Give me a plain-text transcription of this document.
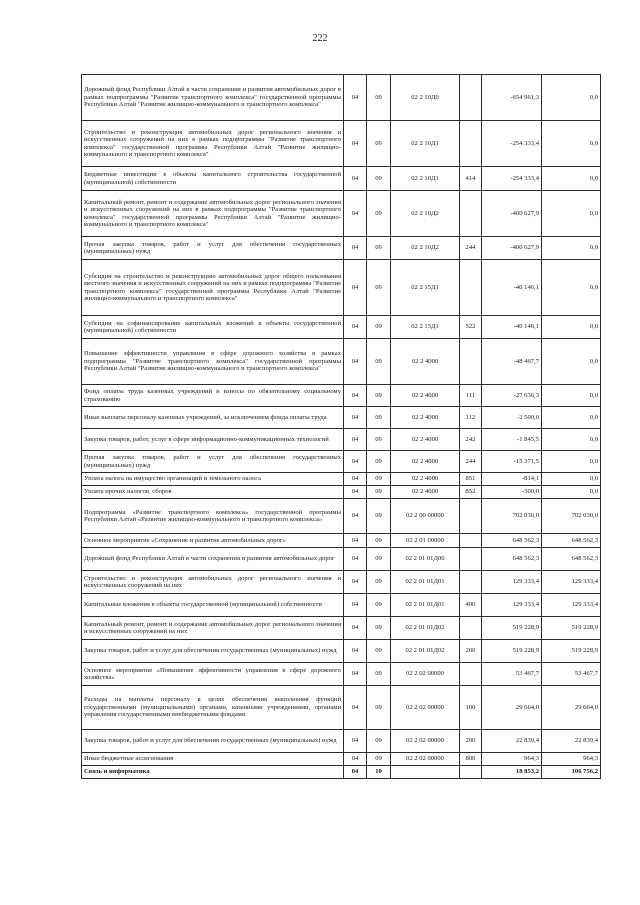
222
Дорожный фонд Республики Алтай в части сохранения и развития автомобильных дорог в рамках подпрограммы "Развитие транспортного комплекса" государственной программы Республики Алтай "Развитие жилищно-коммунального и транспортного комплекса"	04	09	02 2 10Д0		-654 961,3	0,0
Строительство и реконструкция автомобильных дорог регионального значения и искусственных сооружений на них в рамках подпрограммы "Развитие транспортного комплекса" государственной программы Республики Алтай "Развитие жилищно-коммунального и транспортного комплекса"	04	09	02 2 10Д1		-254 333,4	0,0
Бюджетные инвестиции в объекты капитального строительства государственной (муниципальной) собственности	04	09	02 2 10Д1	414	-254 333,4	0,0
Капитальный ремонт, ремонт и содержание автомобильных дорог регионального значения и искусственных сооружений на них в рамках подпрограммы "Развитие транспортного комплекса" государственной программы Республики Алтай "Развитие жилищно-коммунального и транспортного комплекса"	04	09	02 2 10Д2		-400 627,9	0,0
Прочая закупка товаров, работ и услуг для обеспечения государственных (муниципальных) нужд	04	09	02 2 10Д2	244	-400 627,9	0,0
Субсидии на строительство и реконструкцию автомобильных дорог общего пользования местного значения и искусственных сооружений на них в рамках подпрограммы "Развитие транспортного комплекса" государственной программы Республики Алтай "Развитие жилищно-коммунального и транспортного комплекса"	04	09	02 2 15Д1		-40 146,1	0,0
Субсидии на софинансирование капитальных вложений в объекты государственной (муниципальной) собственности	04	09	02 2 15Д1	522	-40 146,1	0,0
Повышение эффективности управления в сфере дорожного хозяйства в рамках подпрограммы "Развитие транспортного комплекса" государственной программы Республики Алтай "Развитие жилищно-коммунального и транспортного комплекса"	04	09	02 2 4000		-48 467,7	0,0
Фонд оплаты труда казенных учреждений и взносы по обязательному социальному страхованию	04	09	02 2 4000	111	-27 636,3	0,0
Иные выплаты персоналу казенных учреждений, за исключением фонда оплаты труда	04	09	02 2 4000	112	-2 500,0	0,0
Закупка товаров, работ, услуг в сфере информационно-коммуникационных технологий	04	09	02 2 4000	242	-1 845,5	0,0
Прочая закупка товаров, работ и услуг для обеспечения государственных (муниципальных) нужд	04	09	02 2 4000	244	-15 371,5	0,0
Уплата налога на имущество организаций и земельного налога	04	09	02 2 4000	851	-814,1	0,0
Уплата прочих налогов, сборов	04	09	02 2 4000	852	-300,0	0,0
Подпрограмма «Развитие транспортного комплекса» государственной программы Республики Алтай «Развитие жилищно-коммунального и транспортного комплекса»	04	09	02 2 00 00000		702 030,0	702 030,0
Основное мероприятие «Сохранение и развитие автомобильных дорог»	04	09	02 2 01 00000		648 562,3	648 562,3
Дорожный фонд Республики Алтай в части сохранения и развития автомобильных дорог	04	09	02 2 01 01Д00		648 562,3	648 562,3
Строительство и реконструкция автомобильных дорог регионального значения и искусственных сооружений на них	04	09	02 2 01 01Д01		129 333,4	129 333,4
Капитальные вложения в объекты государственной (муниципальной) собственности	04	09	02 2 01 01Д01	400	129 333,4	129 333,4
Капитальный ремонт, ремонт и содержание автомобильных дорог регионального значения и искусственных сооружений на них	04	09	02 2 01 01Д02		519 228,9	519 228,9
Закупка товаров, работ и услуг для обеспечения государственных (муниципальных) нужд	04	09	02 2 01 01Д02	200	519 228,9	519 228,9
Основное мероприятие «Повышение эффективности управления в сфере дорожного хозяйства»	04	09	02 2 02 00000		53 467,7	53 467,7
Расходы на выплаты персоналу в целях обеспечения выполнения функций государственными (муниципальными) органами, казенными учреждениями, органами управления государственными внебюджетными фондами	04	09	02 2 02 00000	100	29 664,0	29 664,0
Закупка товаров, работ и услуг для обеспечения государственных (муниципальных) нужд	04	09	02 2 02 00000	200	22 839,4	22 839,4
Иные бюджетные ассигнования	04	09	02 2 02 00000	800	964,3	964,3
Связь и информатика	04	10			18 853,2	106 756,2
